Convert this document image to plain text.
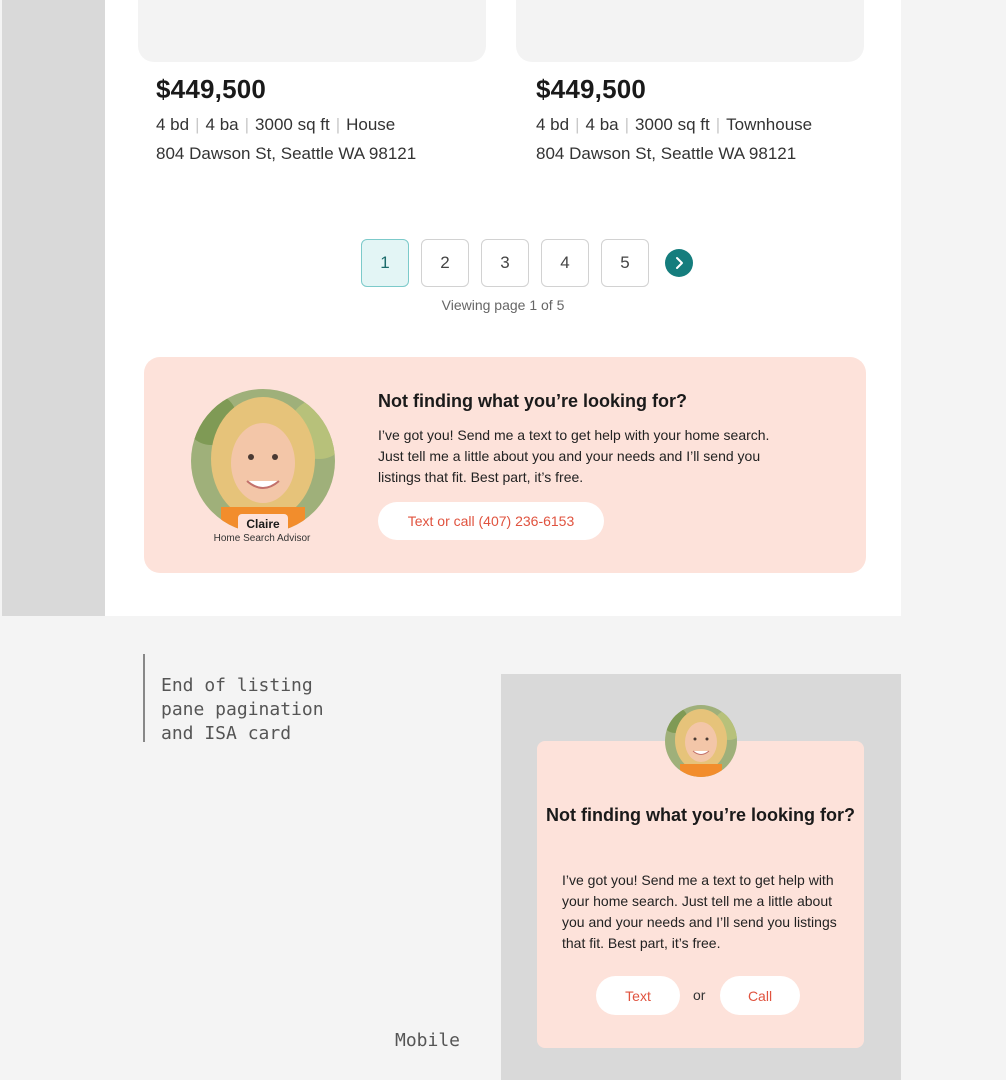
$449,500
4 bd | 4 ba | 3000 sq ft | House
804 Dawson St, Seattle WA 98121
$449,500
4 bd | 4 ba | 3000 sq ft | Townhouse
804 Dawson St, Seattle WA 98121
1	2	3	4	5
Viewing page 1 of 5
Claire
Home Search Advisor
Not finding what you’re looking for?
I’ve got you! Send me a text to get help with your home search. Just tell me a little about you and your needs and I’ll send you listings that fit. Best part, it’s free.
Text or call (407) 236-6153
End of listing
pane pagination
and ISA card
Mobile
Not finding what you’re looking for?
I’ve got you! Send me a text to get help with your home search. Just tell me a little about you and your needs and I’ll send you listings that fit. Best part, it’s free.
Text	or	Call
